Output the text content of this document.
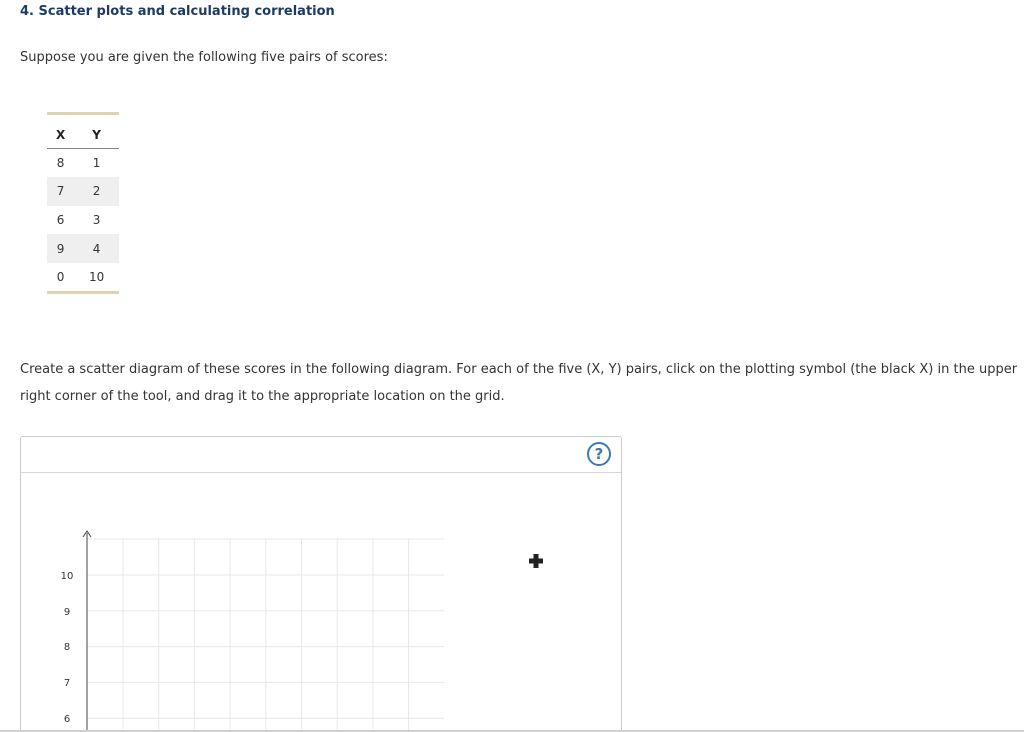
4. Scatter plots and calculating correlation

Suppose you are given the following five pairs of scores:

X	Y
8	1
7	2
6	3
9	4
0	10

Create a scatter diagram of these scores in the following diagram. For each of the five (X, Y) pairs, click on the plotting symbol (the black X) in the upper right corner of the tool, and drag it to the appropriate location on the grid.

?
10
9
8
7
6
